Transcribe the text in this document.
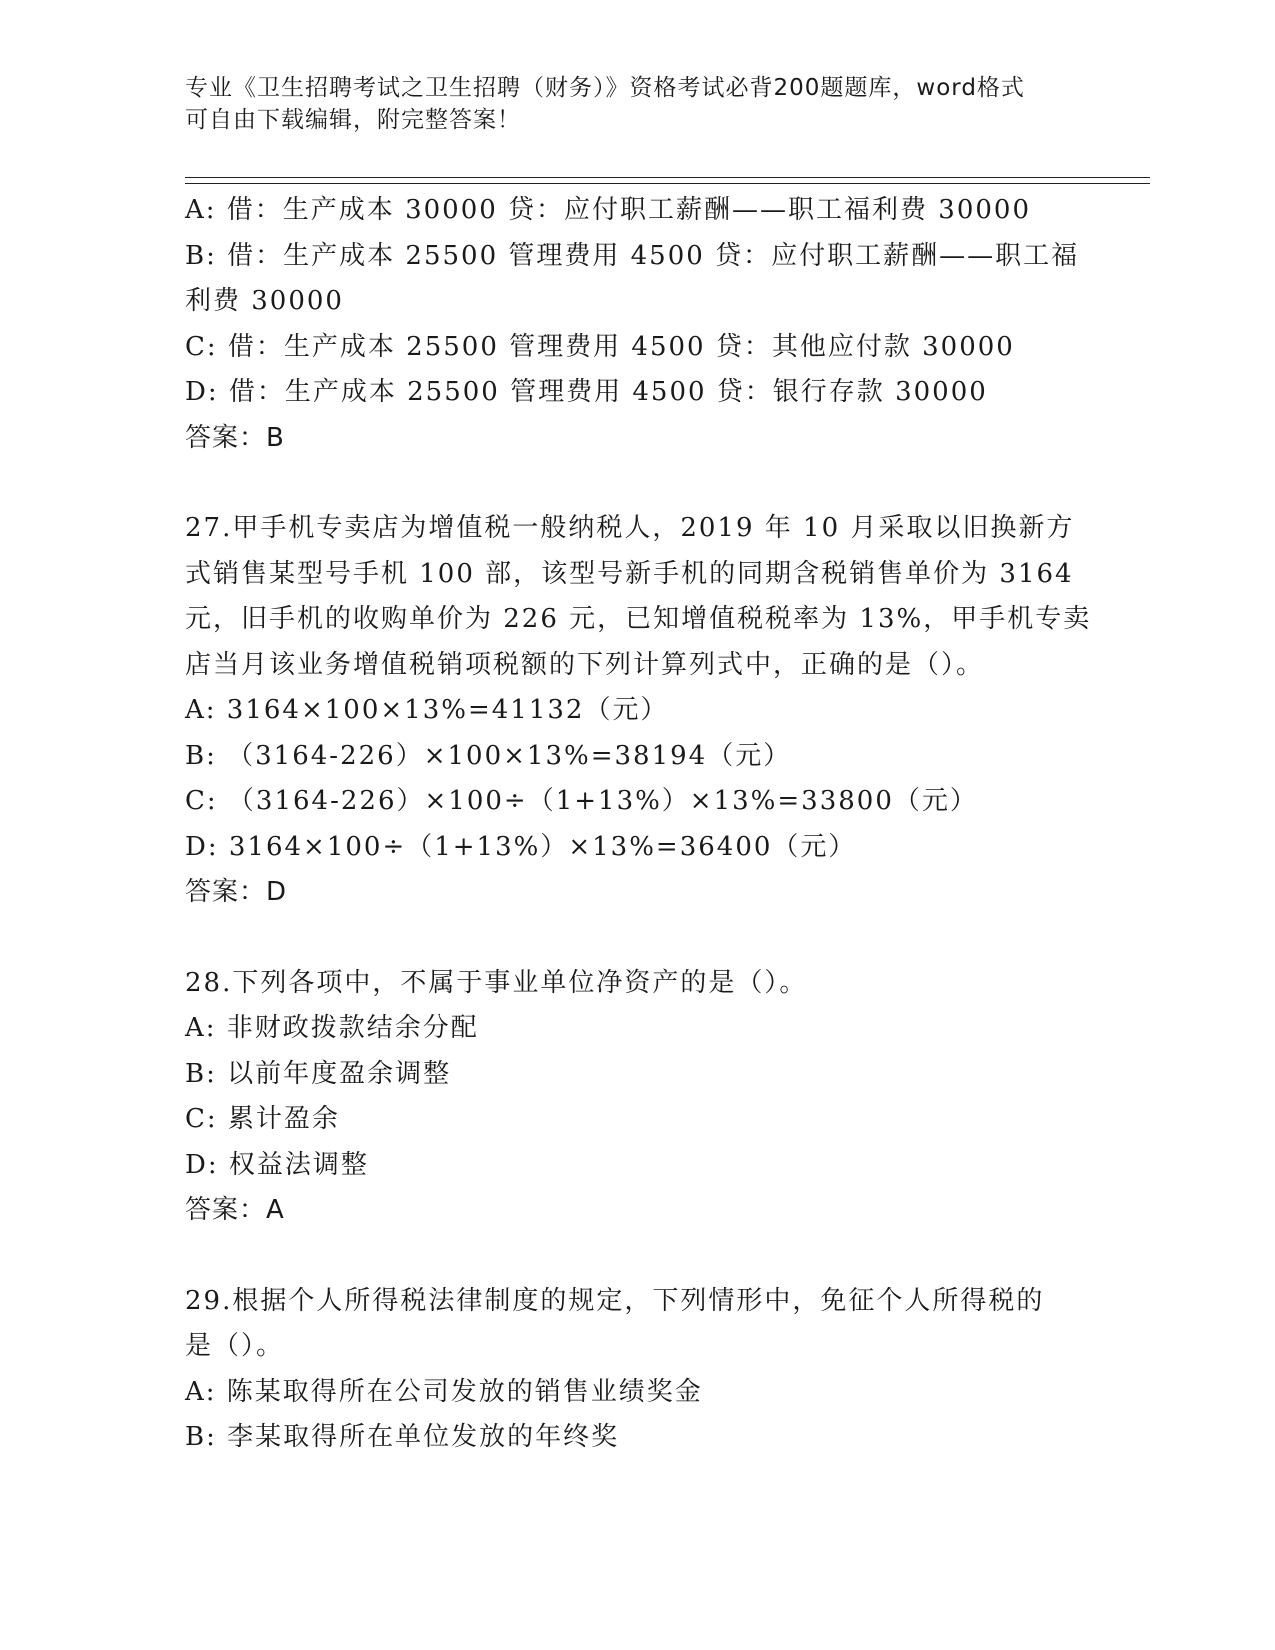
专业《卫生招聘考试之卫生招聘（财务）》资格考试必背200题题库，word格式
可自由下载编辑，附完整答案！
A: 借：生产成本 30000 贷：应付职工薪酬——职工福利费 30000
B: 借：生产成本 25500 管理费用 4500 贷：应付职工薪酬——职工福
利费 30000
C: 借：生产成本 25500 管理费用 4500 贷：其他应付款 30000
D: 借：生产成本 25500 管理费用 4500 贷：银行存款 30000
答案：B
27.甲手机专卖店为增值税一般纳税人，2019 年 10 月采取以旧换新方
式销售某型号手机 100 部，该型号新手机的同期含税销售单价为 3164
元，旧手机的收购单价为 226 元，已知增值税税率为 13%，甲手机专卖
店当月该业务增值税销项税额的下列计算列式中，正确的是（）。
A: 3164×100×13%=41132（元）
B: （3164-226）×100×13%=38194（元）
C: （3164-226）×100÷（1+13%）×13%=33800（元）
D: 3164×100÷（1+13%）×13%=36400（元）
答案：D
28.下列各项中，不属于事业单位净资产的是（）。
A: 非财政拨款结余分配
B: 以前年度盈余调整
C: 累计盈余
D: 权益法调整
答案：A
29.根据个人所得税法律制度的规定，下列情形中，免征个人所得税的
是（）。
A: 陈某取得所在公司发放的销售业绩奖金
B: 李某取得所在单位发放的年终奖
